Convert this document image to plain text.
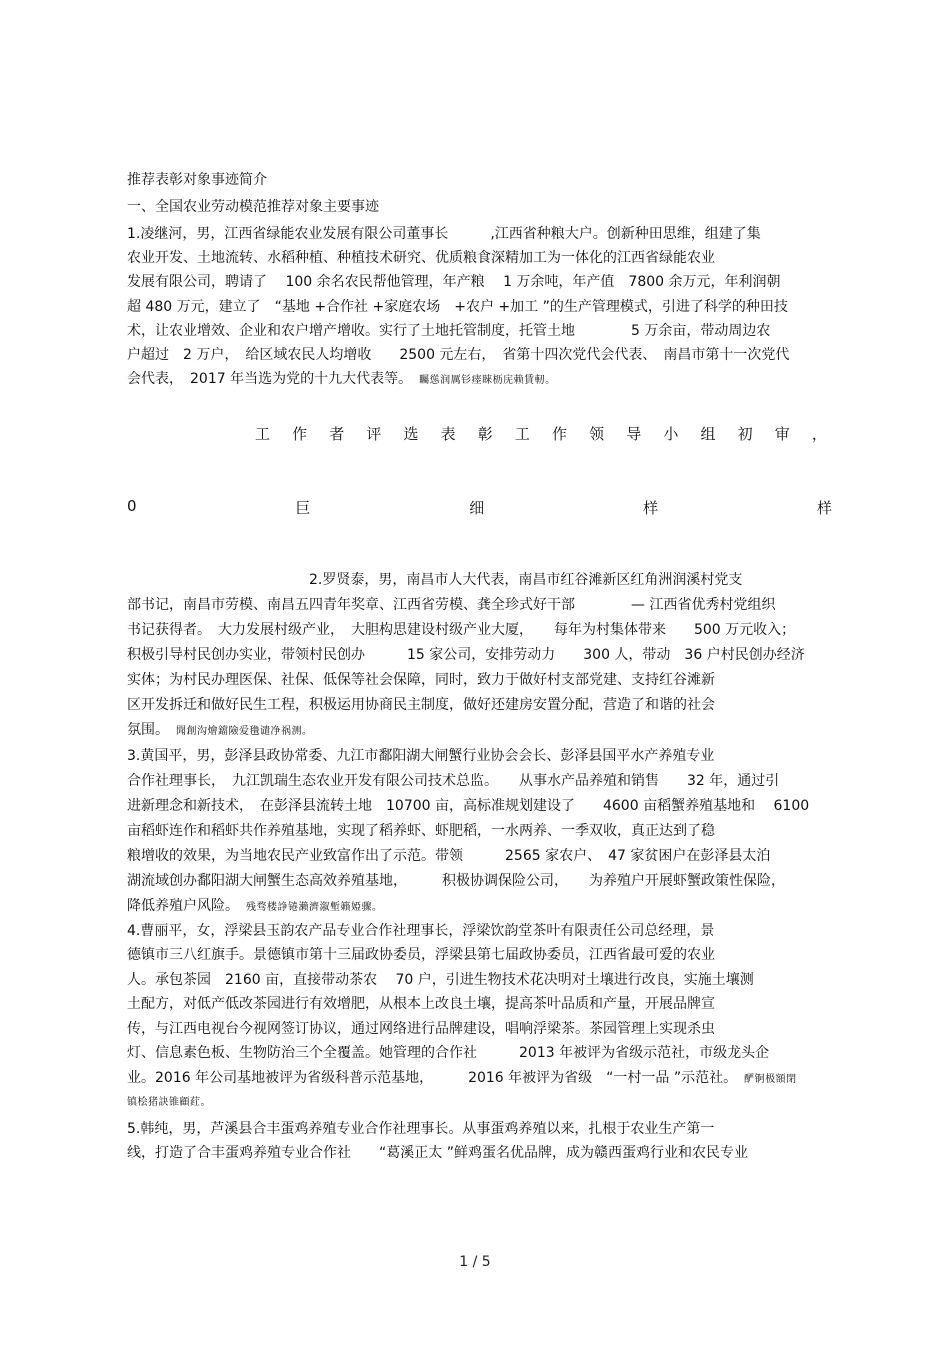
推荐表彰对象事迹简介
一、全国农业劳动模范推荐对象主要事迹
1.凌继河，男，江西省绿能农业发展有限公司董事长　　　,江西省种粮大户。创新种田思维，组建了集
农业开发、土地流转、水稻种植、种植技术研究、优质粮食深精加工为一体化的江西省绿能农业
发展有限公司，聘请了　 100 余名农民帮他管理，年产粮　 1 万余吨，年产值　7800 余万元，年利润朝
超 480 万元，建立了　“基地 +合作社 +家庭农场　+农户 +加工 ”的生产管理模式，引进了科学的种田技
术，让农业增效、企业和农户增产增收。实行了土地托管制度，托管土地　　　　5 万余亩，带动周边农
户超过　2 万户，　给区域农民人均增收　　2500 元左右，　省第十四次党代会代表、　南昌市第十一次党代
会代表，　2017 年当选为党的十九大代表等。　 矚慫润厲钐瘗睞枥庑赖賃軔。
工 作 者 评 选 表 彰 工 作 领 导 小 组 初 审 ，
0	巨	细	样	样
2.罗贤泰，男，南昌市人大代表，南昌市红谷滩新区红角洲润溪村党支
部书记，南昌市劳模、南昌五四青年奖章、江西省劳模、龚全珍式好干部　　　　— 江西省优秀村党组织
书记获得者。　大力发展村级产业，　大胆构思建设村级产业大厦，　　每年为村集体带来　　500 万元收入；
积极引导村民创办实业，带领村民创办　　　15 家公司，安排劳动力　　300 人，带动　36 户村民创办经济
实体；为村民办理医保、社保、低保等社会保障，同时，致力于做好村支部党建、支持红谷滩新
区开发拆迁和做好民生工程，积极运用协商民主制度，做好还建房安置分配，营造了和谐的社会
氛围。　 聞創沟燴鐺險爱氇谴净祸测。
3.黄国平，男，彭泽县政协常委、九江市鄱阳湖大闸蟹行业协会会长、彭泽县国平水产养殖专业
合作社理事长，　九江凯瑞生态农业开发有限公司技术总监。　　从事水产品养殖和销售　　32 年，通过引
进新理念和新技术，　在彭泽县流转土地　10700 亩，高标准规划建设了　　4600 亩稻蟹养殖基地和　 6100
亩稻虾连作和稻虾共作养殖基地，实现了稻养虾、虾肥稻，一水两养、一季双收，真正达到了稳
粮增收的效果，为当地农民产业致富作出了示范。带领　　　2565 家农户、　47 家贫困户在彭泽县太泊
湖流域创办鄱阳湖大闸蟹生态高效养殖基地，　　　积极协调保险公司，　　为养殖户开展虾蟹政策性保险，
降低养殖户风险。　 残骛楼諍锩瀨濟溆塹籟婭骤。
4.曹丽平，女，浮梁县玉韵农产品专业合作社理事长，浮梁饮韵堂茶叶有限责任公司总经理，景
德镇市三八红旗手。景德镇市第十三届政协委员，浮梁县第七届政协委员，江西省最可爱的农业
人。承包茶园　2160 亩，直接带动茶农　 70 户，引进生物技术花决明对土壤进行改良，实施土壤测
土配方，对低产低改茶园进行有效增肥，从根本上改良土壤，提高茶叶品质和产量，开展品牌宣
传，与江西电视台今视网签订协议，通过网络进行品牌建设，唱响浮梁茶。茶园管理上实现杀虫
灯、信息素色板、生物防治三个全覆盖。她管理的合作社　　　2013 年被评为省级示范社，市级龙头企
业。2016 年公司基地被评为省级科普示范基地，　　　2016 年被评为省级　“一村一品 ”示范社。　 酽锕极額閉
镇桧猪訣锥顧荭。
5.韩纯，男，芦溪县合丰蛋鸡养殖专业合作社理事长。从事蛋鸡养殖以来，扎根于农业生产第一
线，打造了合丰蛋鸡养殖专业合作社　　“葛溪正太 ”鲜鸡蛋名优品牌，成为赣西蛋鸡行业和农民专业
1 / 5
